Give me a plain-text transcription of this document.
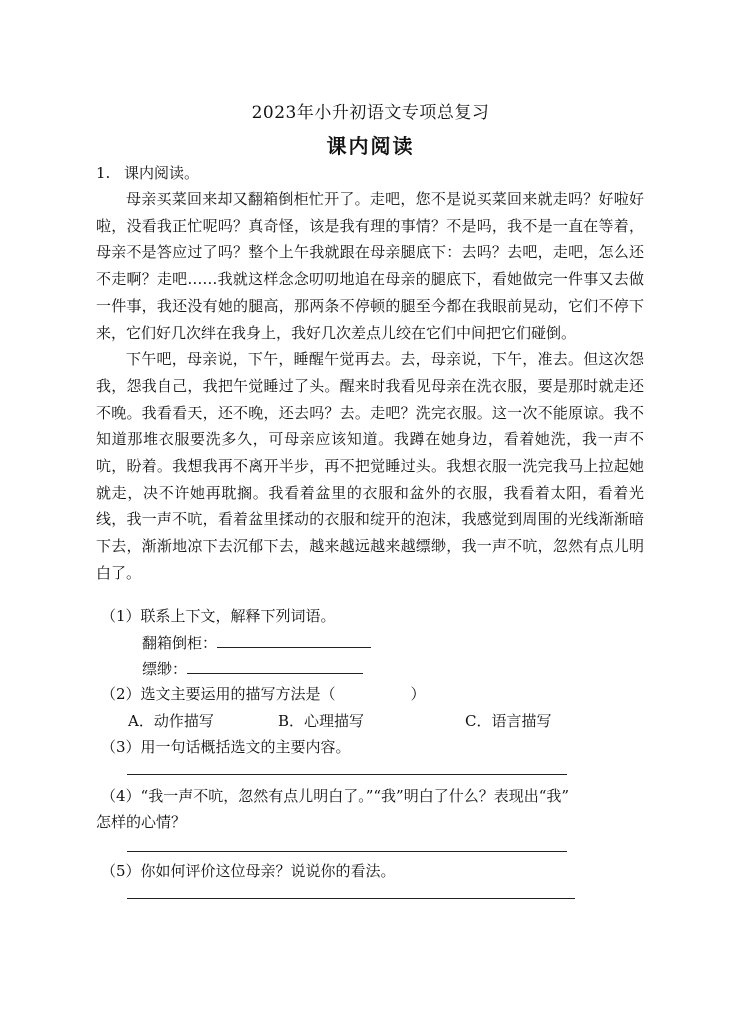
2023年小升初语文专项总复习
课内阅读
1. 课内阅读。

母亲买菜回来却又翻箱倒柜忙开了。走吧，您不是说买菜回来就走吗？好啦好啦，没看我正忙呢吗？真奇怪，该是我有理的事情？不是吗，我不是一直在等着，母亲不是答应过了吗？整个上午我就跟在母亲腿底下：去吗？去吧，走吧，怎么还不走啊？走吧……我就这样念念叨叨地追在母亲的腿底下，看她做完一件事又去做一件事，我还没有她的腿高，那两条不停顿的腿至今都在我眼前晃动，它们不停下来，它们好几次绊在我身上，我好几次差点儿绞在它们中间把它们碰倒。

下午吧，母亲说，下午，睡醒午觉再去。去，母亲说，下午，准去。但这次怨我，怨我自己，我把午觉睡过了头。醒来时我看见母亲在洗衣服，要是那时就走还不晚。我看看天，还不晚，还去吗？去。走吧？洗完衣服。这一次不能原谅。我不知道那堆衣服要洗多久，可母亲应该知道。我蹲在她身边，看着她洗，我一声不吭，盼着。我想我再不离开半步，再不把觉睡过头。我想衣服一洗完我马上拉起她就走，决不许她再耽搁。我看着盆里的衣服和盆外的衣服，我看着太阳，看着光线，我一声不吭，看着盆里揉动的衣服和绽开的泡沫，我感觉到周围的光线渐渐暗下去，渐渐地凉下去沉郁下去，越来越远越来越缥缈，我一声不吭，忽然有点儿明白了。

（1）联系上下文，解释下列词语。
翻箱倒柜：
缥缈：
（2）选文主要运用的描写方法是（　　　　　）
A．动作描写	B．心理描写	C．语言描写
（3）用一句话概括选文的主要内容。
（4）“我一声不吭，忽然有点儿明白了。”“我”明白了什么？表现出“我”
怎样的心情？
（5）你如何评价这位母亲？说说你的看法。
